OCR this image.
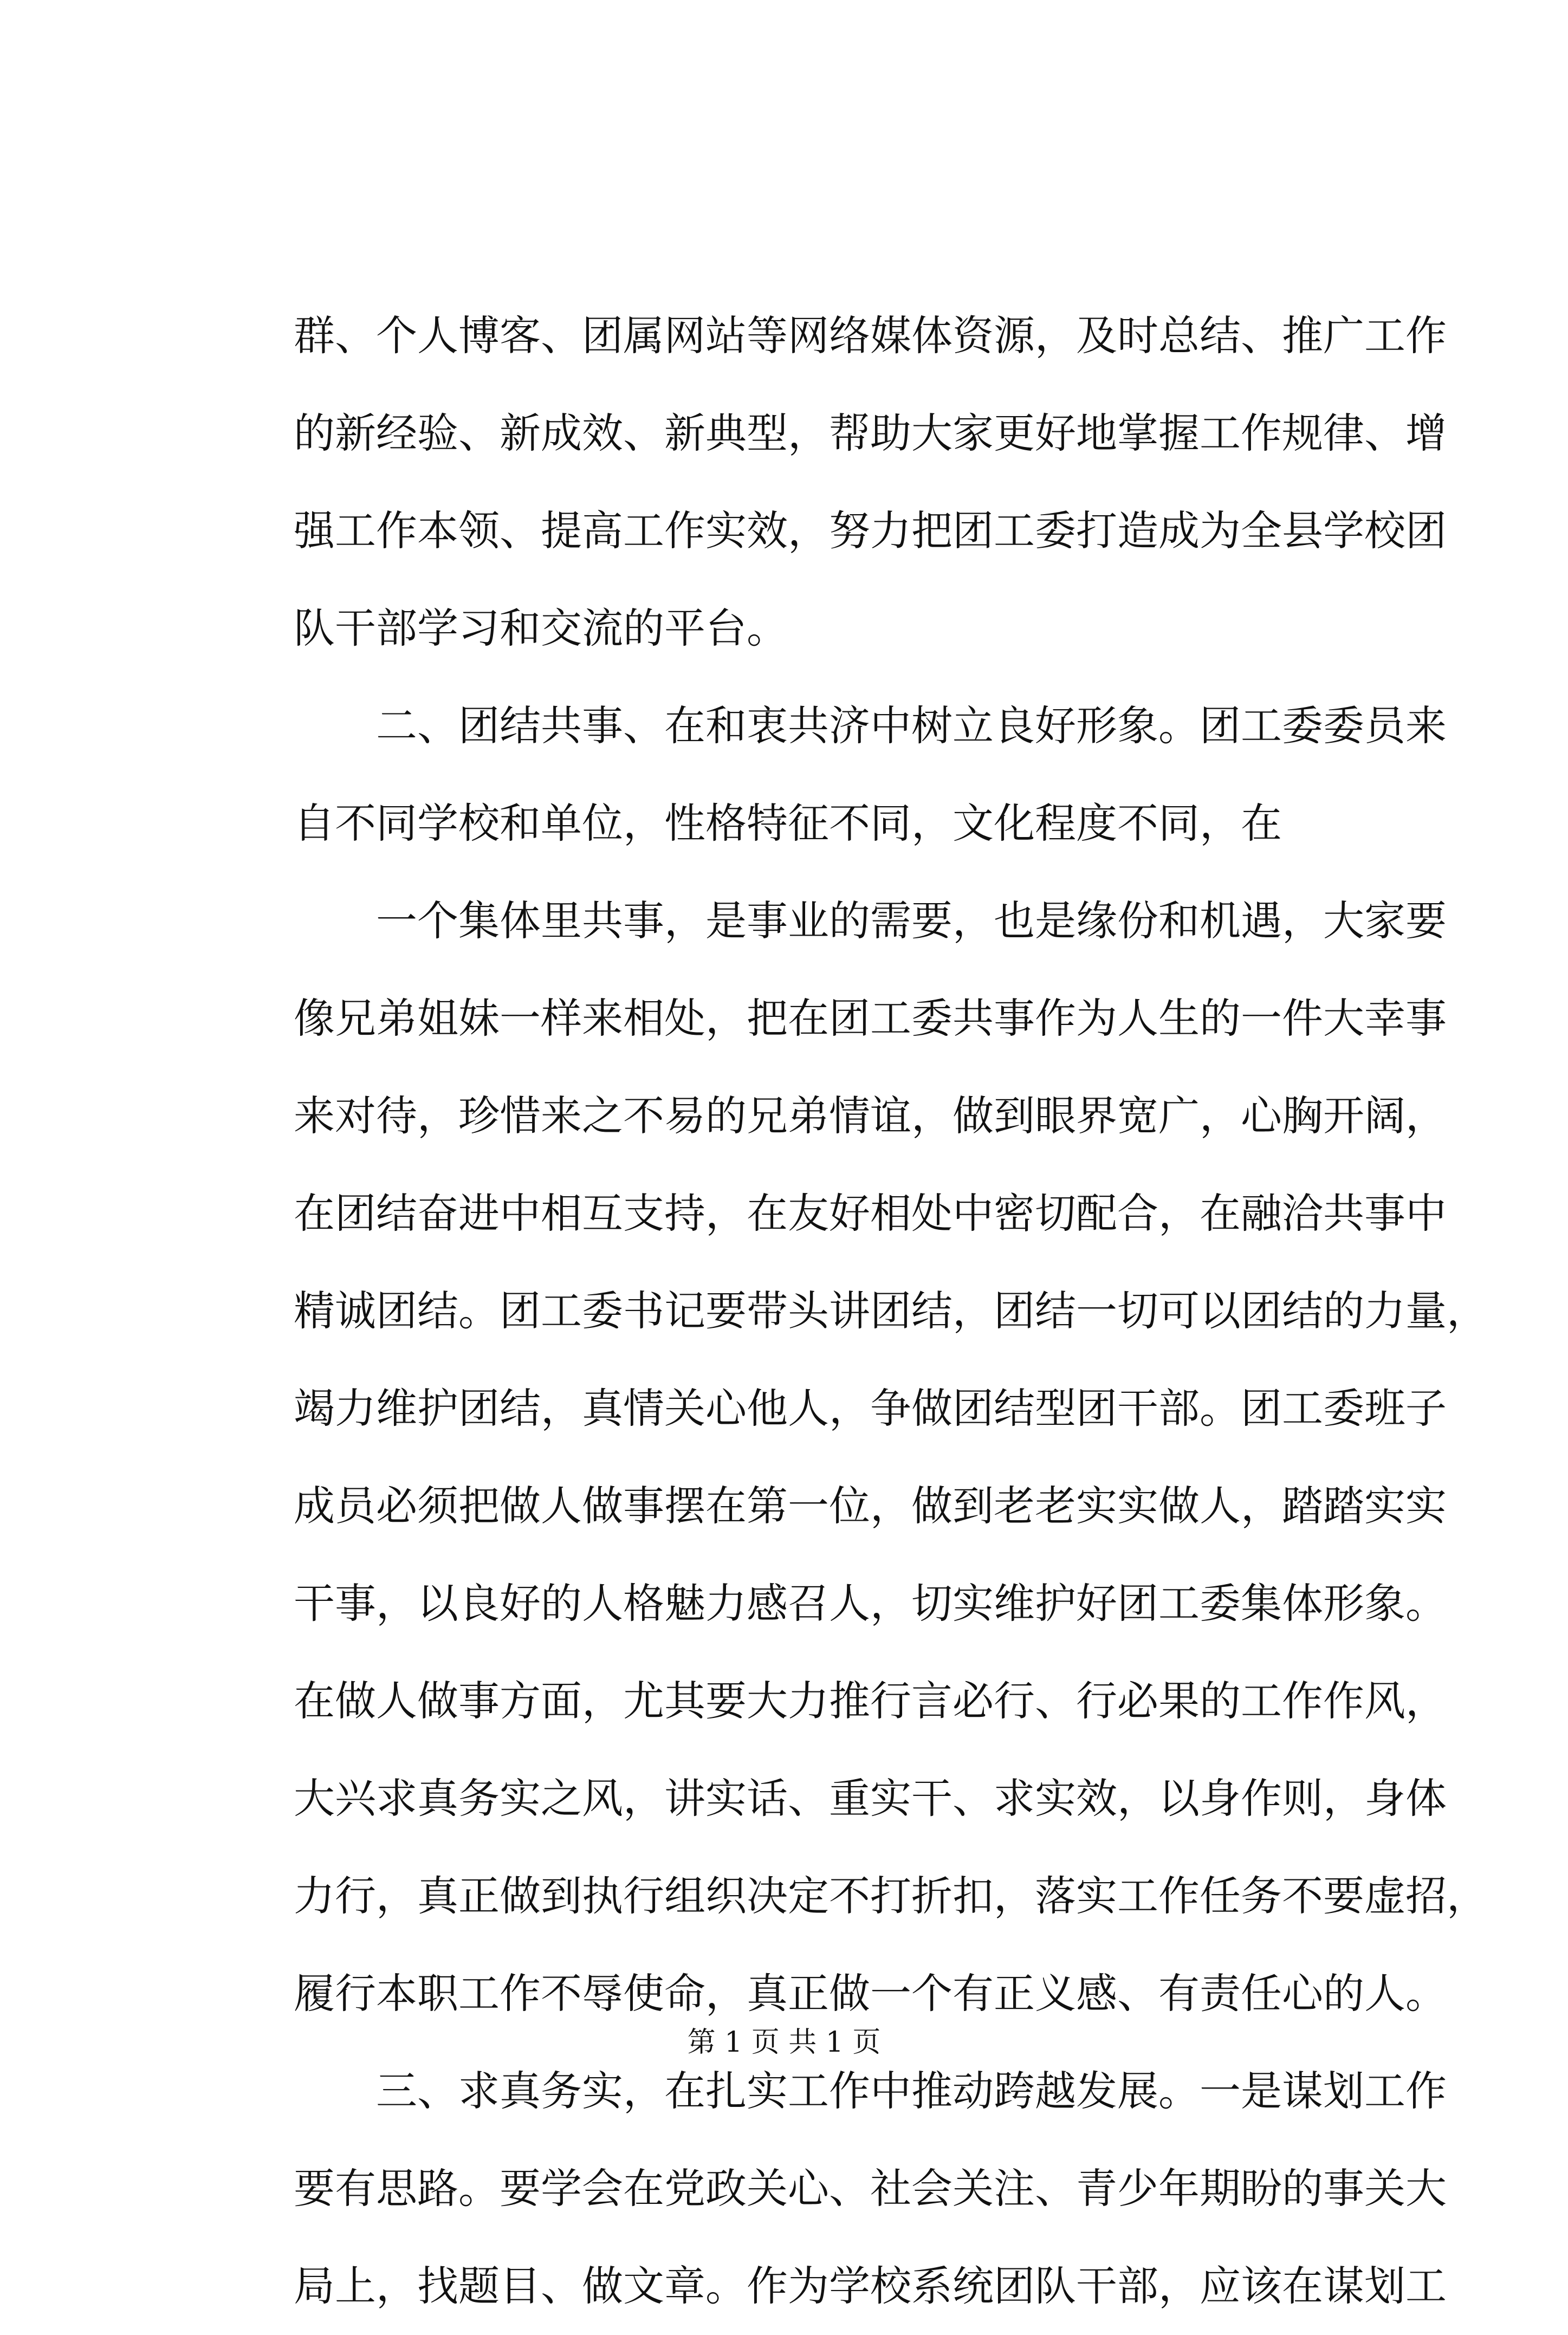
群、个人博客、团属网站等网络媒体资源，及时总结、推广工作
的新经验、新成效、新典型，帮助大家更好地掌握工作规律、增
强工作本领、提高工作实效，努力把团工委打造成为全县学校团
队干部学习和交流的平台。
　　二、团结共事、在和衷共济中树立良好形象。团工委委员来
自不同学校和单位，性格特征不同，文化程度不同，在
　　一个集体里共事，是事业的需要，也是缘份和机遇，大家要
像兄弟姐妹一样来相处，把在团工委共事作为人生的一件大幸事
来对待，珍惜来之不易的兄弟情谊，做到眼界宽广，心胸开阔，
在团结奋进中相互支持，在友好相处中密切配合，在融洽共事中
精诚团结。团工委书记要带头讲团结，团结一切可以团结的力量，
竭力维护团结，真情关心他人，争做团结型团干部。团工委班子
成员必须把做人做事摆在第一位，做到老老实实做人，踏踏实实
干事，以良好的人格魅力感召人，切实维护好团工委集体形象。
在做人做事方面，尤其要大力推行言必行、行必果的工作作风，
大兴求真务实之风，讲实话、重实干、求实效，以身作则，身体
力行，真正做到执行组织决定不打折扣，落实工作任务不要虚招，
履行本职工作不辱使命，真正做一个有正义感、有责任心的人。
　　三、求真务实，在扎实工作中推动跨越发展。一是谋划工作
要有思路。要学会在党政关心、社会关注、青少年期盼的事关大
局上，找题目、做文章。作为学校系统团队干部，应该在谋划工
第 1 页 共 1 页
